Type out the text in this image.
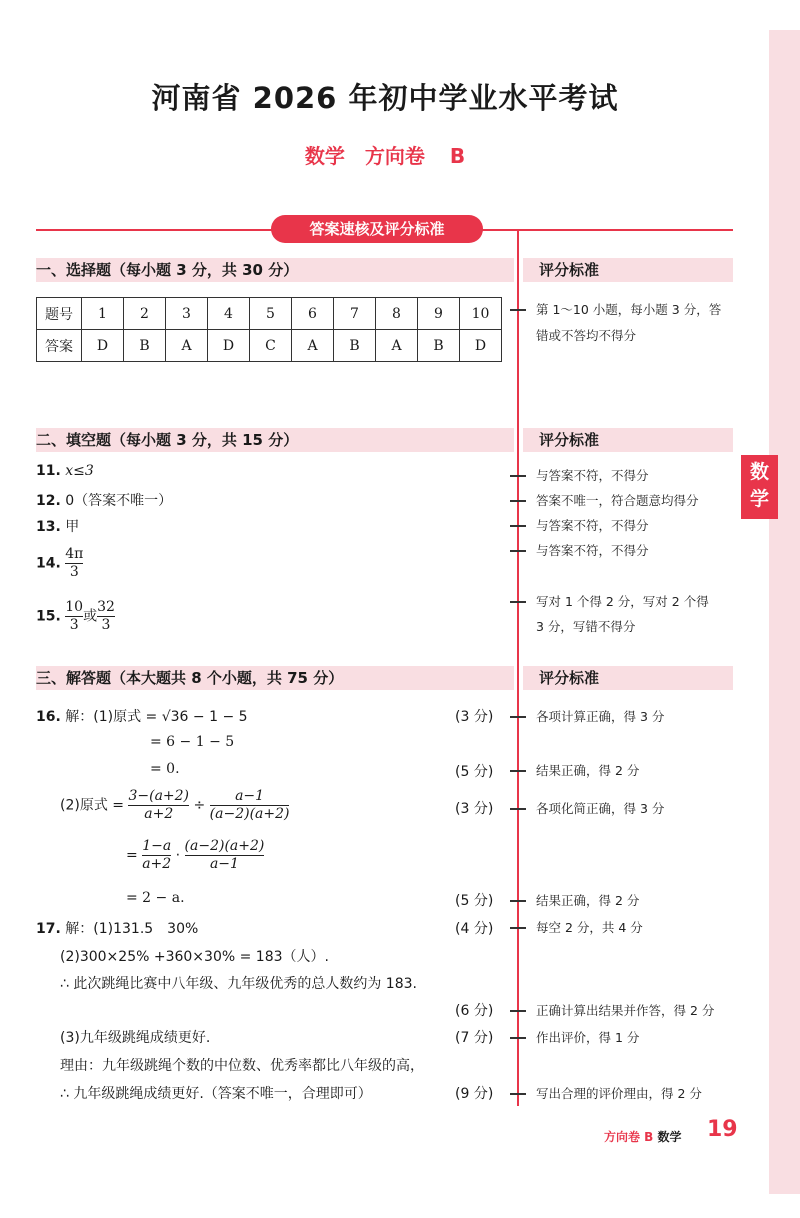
数学
河南省 2026 年初中学业水平考试
数学　方向卷 B
答案速核及评分标准
一、选择题（每小题 3 分，共 30 分）	评分标准
题号	1	2	3	4	5	6	7	8	9	10
答案	D	B	A	D	C	A	B	A	B	D
第 1～10 小题，每小题 3 分，答
错或不答均不得分
二、填空题（每小题 3 分，共 15 分）	评分标准
11. x≤3
12. 0（答案不唯一）
13. 甲
14. $\frac{4\pi}{3}$
15. $\frac{10}{3}$ 或 $\frac{32}{3}$
与答案不符，不得分
答案不唯一，符合题意均得分
与答案不符，不得分
与答案不符，不得分
写对 1 个得 2 分，写对 2 个得
3 分，写错不得分
三、解答题（本大题共 8 个小题，共 75 分）	评分标准
16. 解：(1)原式 = √36 − 1 − 5
= 6 − 1 − 5
= 0.
(2)原式 = $\frac{3-(a+2)}{a+2} \div \frac{a-1}{(a-2)(a+2)}$
= $\frac{1-a}{a+2} \cdot \frac{(a-2)(a+2)}{a-1}$
= 2 − a.
17. 解：(1)131.5　30%
(2)300×25% +360×30% = 183（人）.
∴ 此次跳绳比赛中八年级、九年级优秀的总人数约为 183.
(3)九年级跳绳成绩更好.
理由：九年级跳绳个数的中位数、优秀率都比八年级的高，
∴ 九年级跳绳成绩更好.（答案不唯一，合理即可）
(3 分)
(5 分)
(3 分)
(5 分)
(4 分)
(6 分)
(7 分)
(9 分)
各项计算正确，得 3 分
结果正确，得 2 分
各项化简正确，得 3 分
结果正确，得 2 分
每空 2 分，共 4 分
正确计算出结果并作答，得 2 分
作出评价，得 1 分
写出合理的评价理由，得 2 分
方向卷 B 数学 19
